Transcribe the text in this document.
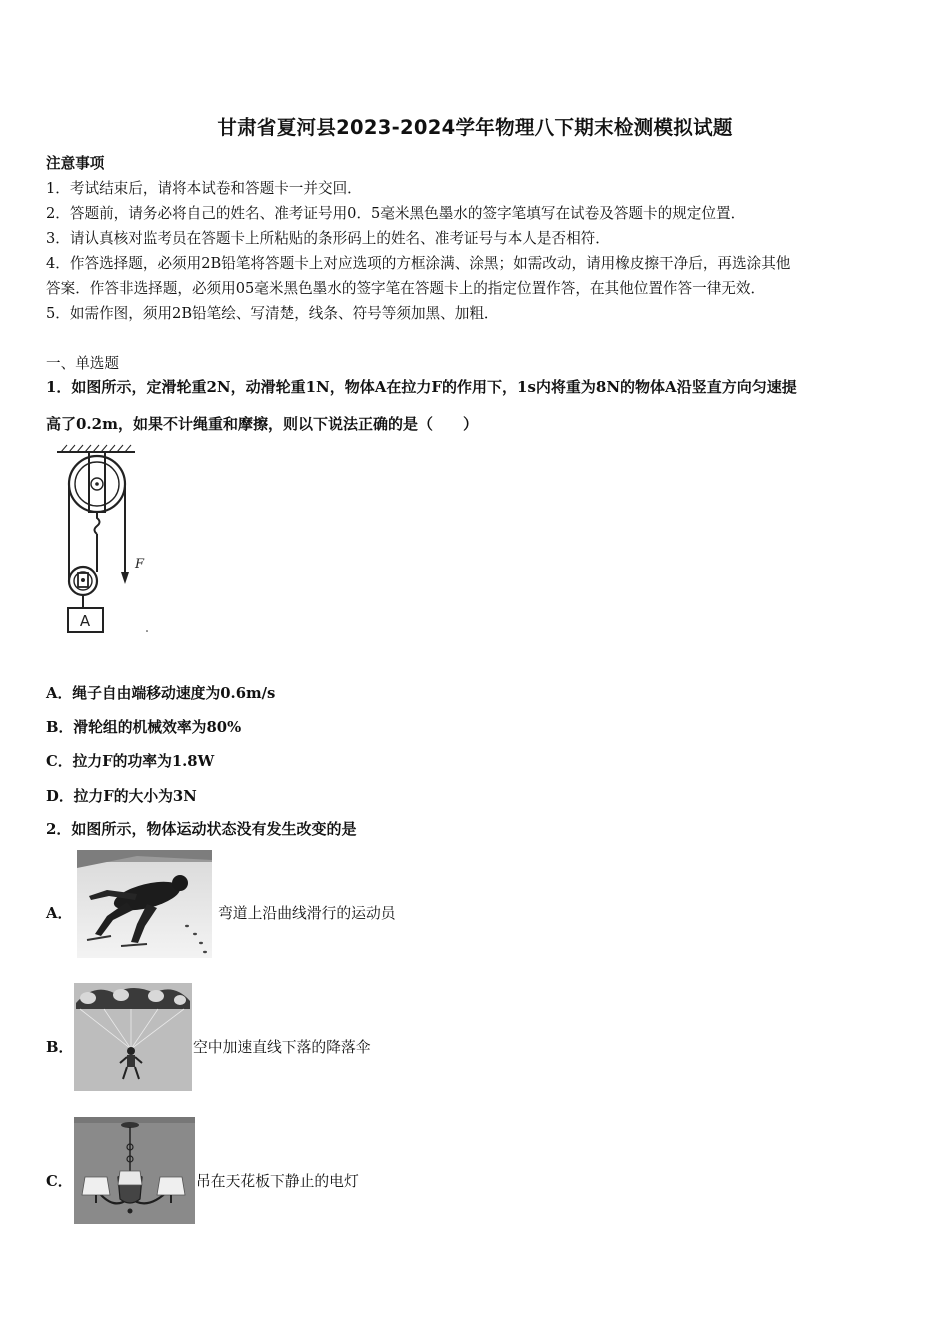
甘肃省夏河县2023-2024学年物理八下期末检测模拟试题
注意事项
1．考试结束后，请将本试卷和答题卡一并交回．
2．答题前，请务必将自己的姓名、准考证号用0．5毫米黑色墨水的签字笔填写在试卷及答题卡的规定位置．
3．请认真核对监考员在答题卡上所粘贴的条形码上的姓名、准考证号与本人是否相符．
4．作答选择题，必须用2B铅笔将答题卡上对应选项的方框涂满、涂黑；如需改动，请用橡皮擦干净后，再选涂其他
答案．作答非选择题，必须用05毫米黑色墨水的签字笔在答题卡上的指定位置作答，在其他位置作答一律无效．
5．如需作图，须用2B铅笔绘、写清楚，线条、符号等须加黑、加粗．
一、单选题
1．如图所示，定滑轮重2N，动滑轮重1N，物体A在拉力F的作用下，1s内将重为8N的物体A沿竖直方向匀速提
高了0.2m，如果不计绳重和摩擦，则以下说法正确的是（　　）
A
F
A．绳子自由端移动速度为0.6m/s
B．滑轮组的机械效率为80%
C．拉力F的功率为1.8W
D．拉力F的大小为3N
2．如图所示，物体运动状态没有发生改变的是
A．	弯道上沿曲线滑行的运动员
B．	空中加速直线下落的降落伞
C．	吊在天花板下静止的电灯
